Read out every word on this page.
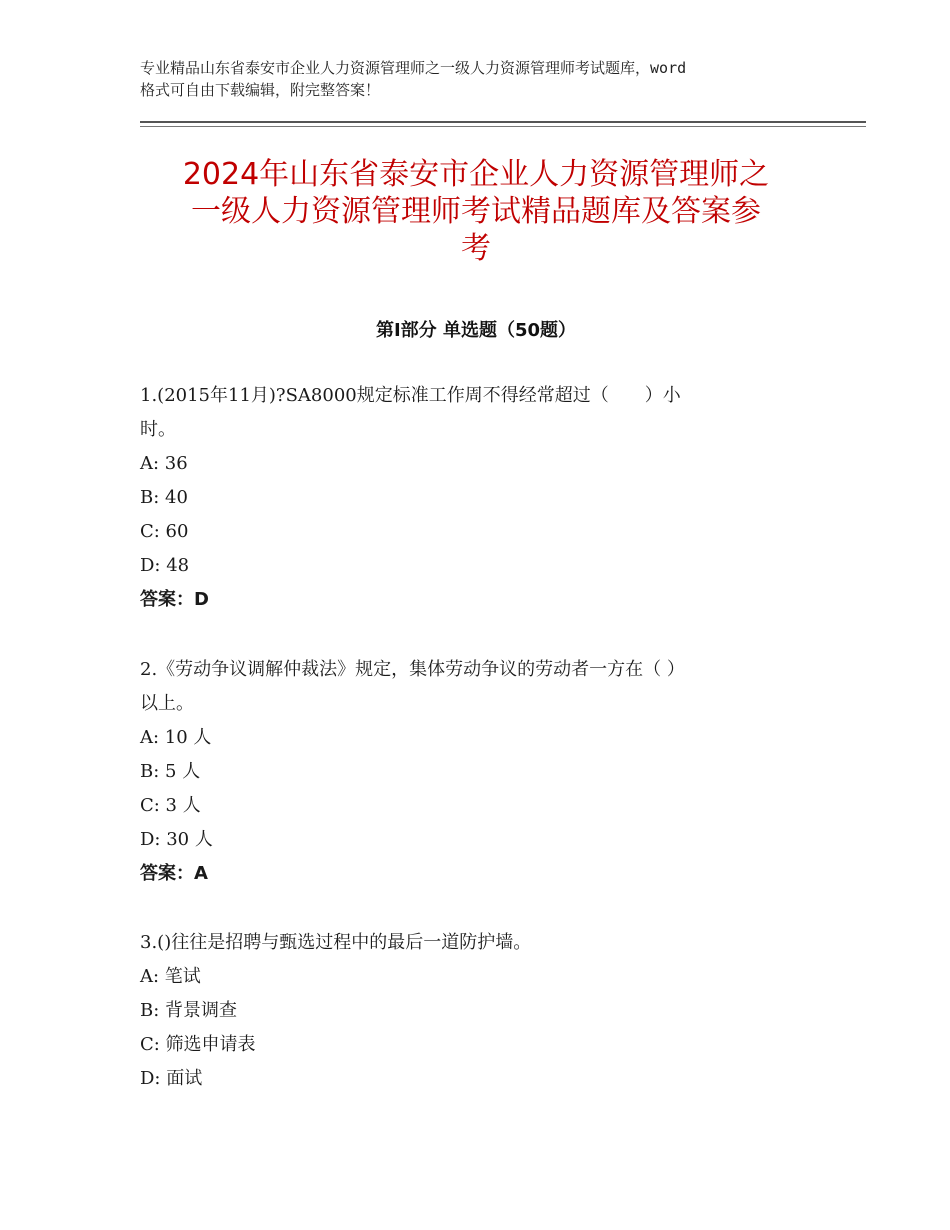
专业精品山东省泰安市企业人力资源管理师之一级人力资源管理师考试题库，word
格式可自由下载编辑，附完整答案！
2024年山东省泰安市企业人力资源管理师之
一级人力资源管理师考试精品题库及答案参
考
第Ⅰ部分 单选题（50题）

1.(2015年11月)?SA8000规定标准工作周不得经常超过（　　）小
时。

A: 36

B: 40

C: 60

D: 48

答案：D

2.《劳动争议调解仲裁法》规定，集体劳动争议的劳动者一方在（ ）
以上。

A: 10 人

B: 5 人

C: 3 人

D: 30 人

答案：A

3.()往往是招聘与甄选过程中的最后一道防护墙。

A: 笔试

B: 背景调查

C: 筛选申请表

D: 面试
